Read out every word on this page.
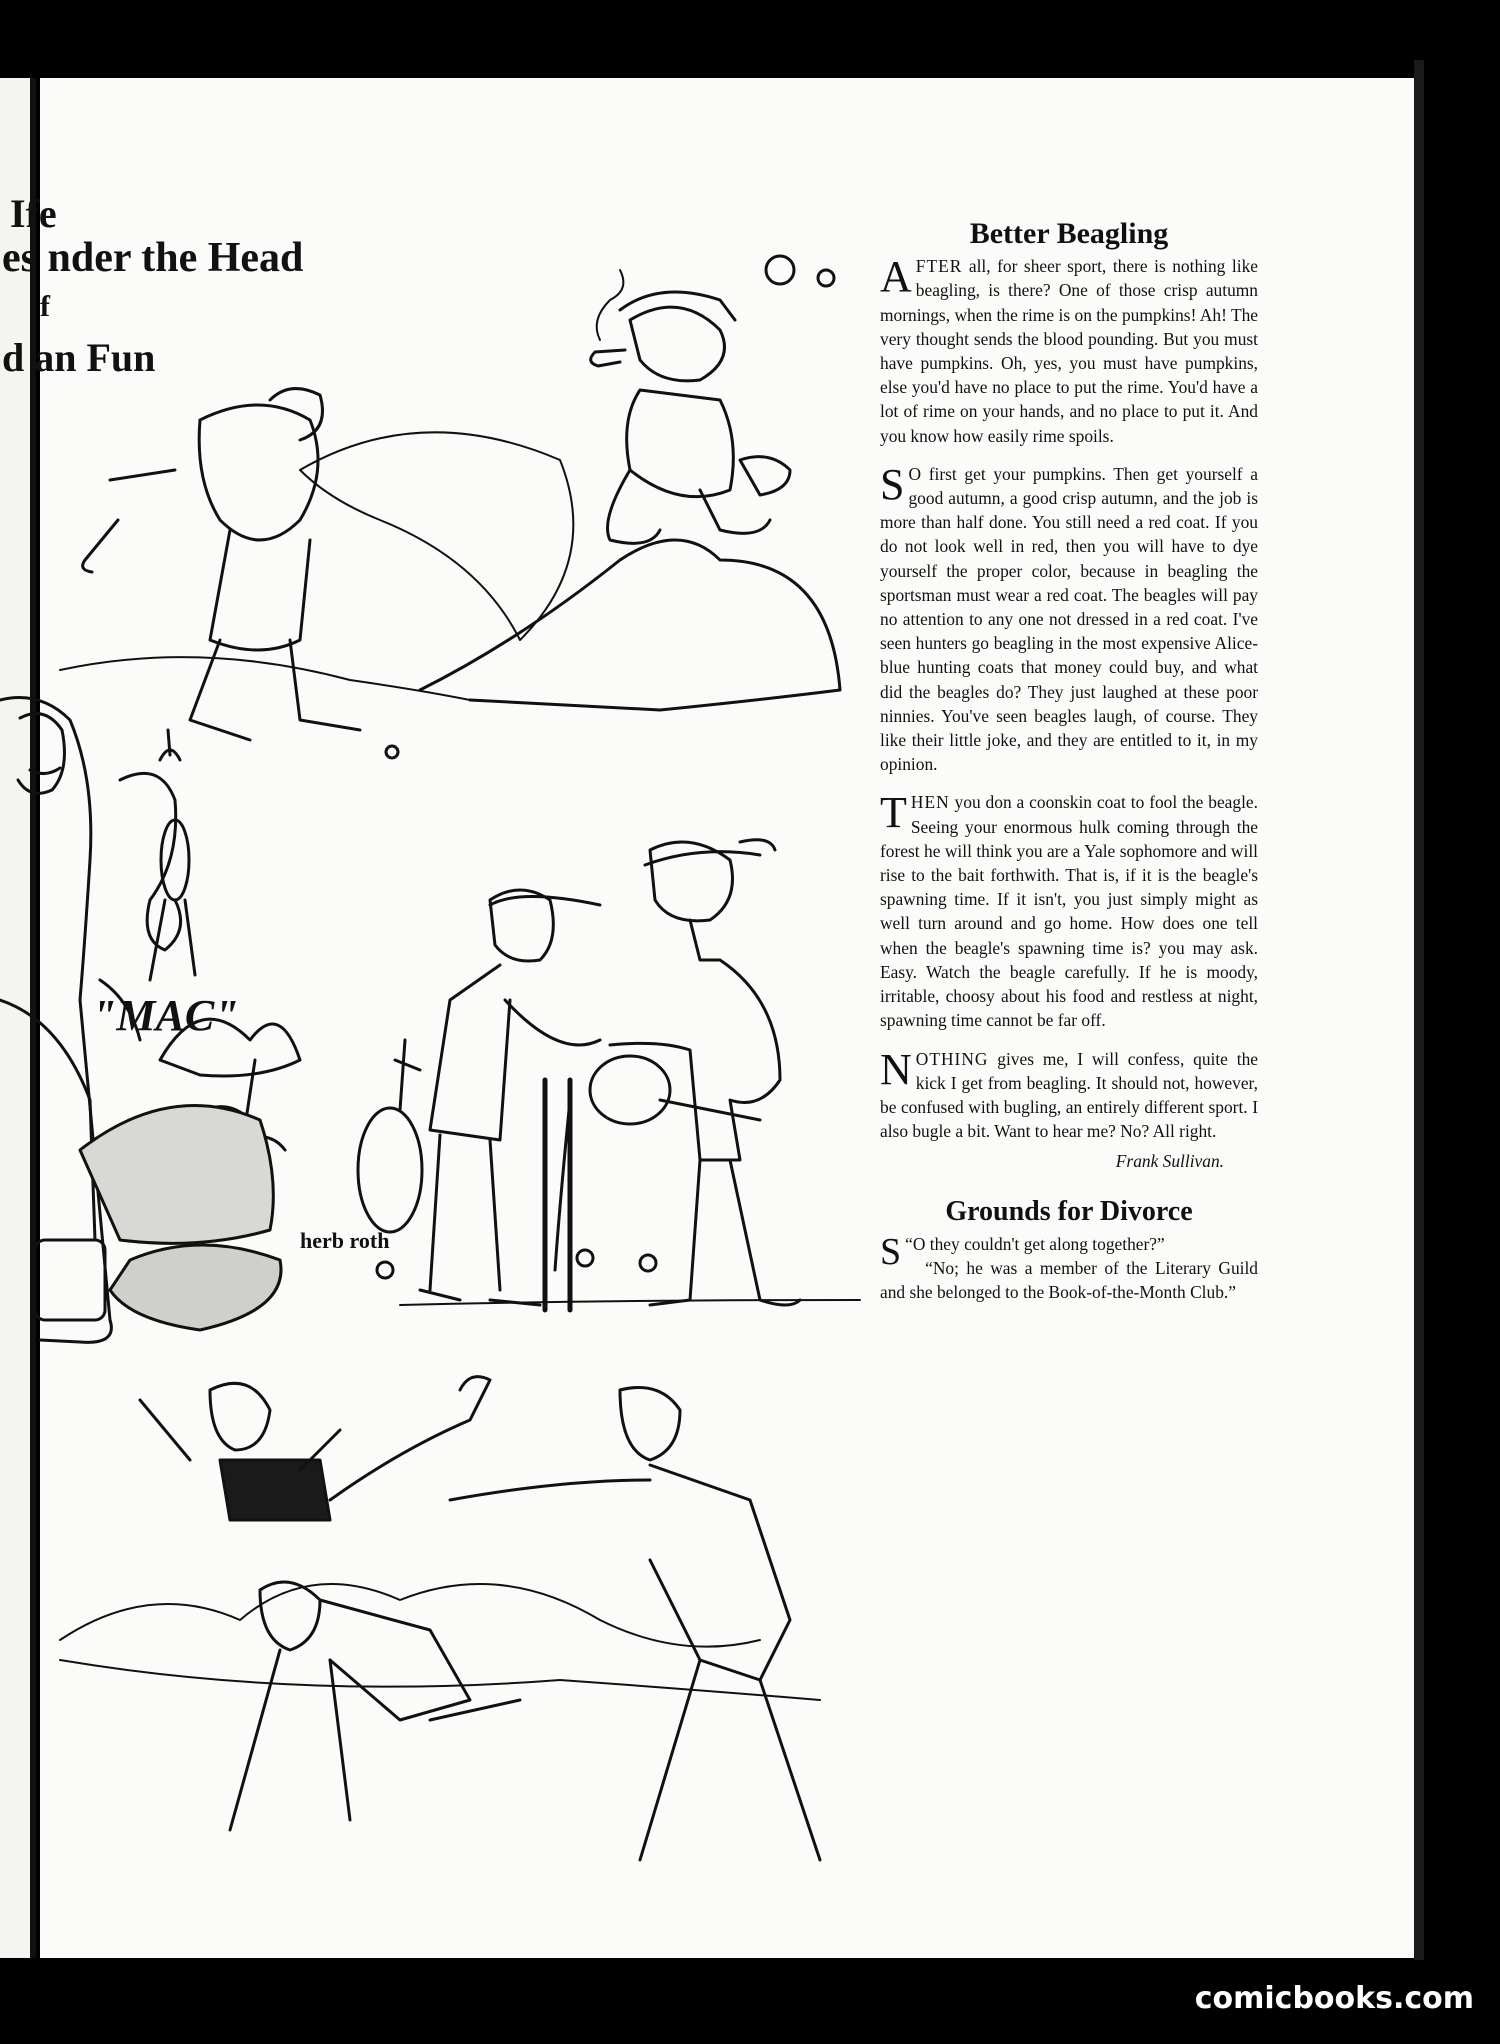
Ife
es nder the Head
f
d an Fun
"MAC"
herb roth
Better Beagling

AFTER all, for sheer sport, there is nothing like beagling, is there? One of those crisp autumn mornings, when the rime is on the pumpkins! Ah! The very thought sends the blood pounding. But you must have pumpkins. Oh, yes, you must have pumpkins, else you'd have no place to put the rime. You'd have a lot of rime on your hands, and no place to put it. And you know how easily rime spoils.

S O first get your pumpkins. Then get yourself a good autumn, a good crisp autumn, and the job is more than half done. You still need a red coat. If you do not look well in red, then you will have to dye yourself the proper color, because in beagling the sportsman must wear a red coat. The beagles will pay no attention to any one not dressed in a red coat. I've seen hunters go beagling in the most expensive Alice-blue hunting coats that money could buy, and what did the beagles do? They just laughed at these poor ninnies. You've seen beagles laugh, of course. They like their little joke, and they are entitled to it, in my opinion.

THEN you don a coonskin coat to fool the beagle. Seeing your enormous hulk coming through the forest he will think you are a Yale sophomore and will rise to the bait forthwith. That is, if it is the beagle's spawning time. If it isn't, you just simply might as well turn around and go home. How does one tell when the beagle's spawning time is? you may ask. Easy. Watch the beagle carefully. If he is moody, irritable, choosy about his food and restless at night, spawning time cannot be far off.

NOTHING gives me, I will confess, quite the kick I get from beagling. It should not, however, be confused with bugling, an entirely different sport. I also bugle a bit. Want to hear me? No? All right.

Frank Sullivan.
Grounds for Divorce

“
S O they couldn't get along together?”

“No; he was a member of the Literary Guild and she belonged to the Book-of-the-Month Club.”

comicbooks.com
